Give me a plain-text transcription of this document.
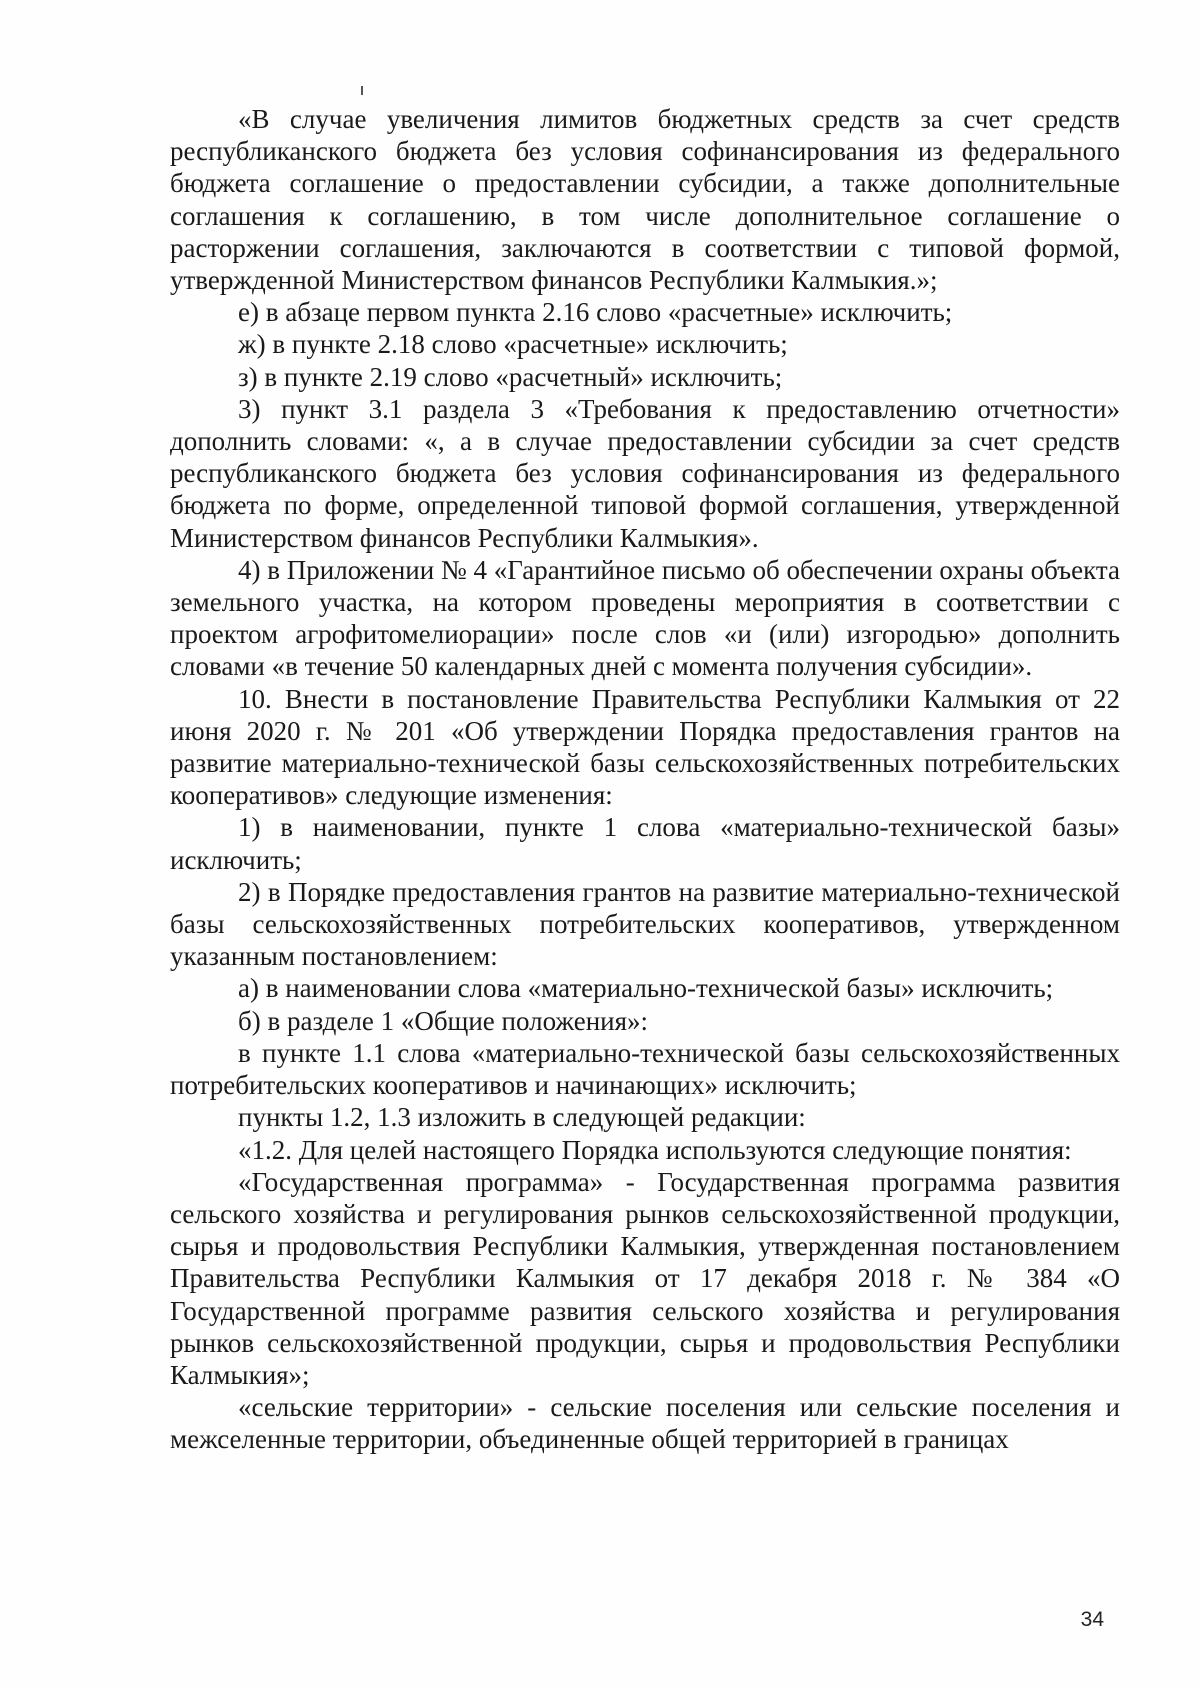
«В случае увеличения лимитов бюджетных средств за счет средств республиканского бюджета без условия софинансирования из федерального бюджета соглашение о предоставлении субсидии, а также дополнительные соглашения к соглашению, в том числе дополнительное соглашение о расторжении соглашения, заключаются в соответствии с типовой формой, утвержденной Министерством финансов Республики Калмыкия.»;

е) в абзаце первом пункта 2.16 слово «расчетные» исключить;

ж) в пункте 2.18 слово «расчетные» исключить;

з) в пункте 2.19 слово «расчетный» исключить;

3) пункт 3.1 раздела 3 «Требования к предоставлению отчетности» дополнить словами: «, а в случае предоставлении субсидии за счет средств республиканского бюджета без условия софинансирования из федерального бюджета по форме, определенной типовой формой соглашения, утвержденной Министерством финансов Республики Калмыкия».

4) в Приложении № 4 «Гарантийное письмо об обеспечении охраны объекта земельного участка, на котором проведены мероприятия в соответствии с проектом агрофитомелиорации» после слов «и (или) изгородью» дополнить словами «в течение 50 календарных дней с момента получения субсидии».

10. Внести в постановление Правительства Республики Калмыкия от 22 июня 2020 г. № 201 «Об утверждении Порядка предоставления грантов на развитие материально-технической базы сельскохозяйственных потребительских кооперативов» следующие изменения:

1) в наименовании, пункте 1 слова «материально-технической базы» исключить;

2) в Порядке предоставления грантов на развитие материально-технической базы сельскохозяйственных потребительских кооперативов, утвержденном указанным постановлением:

а) в наименовании слова «материально-технической базы» исключить;

б) в разделе 1 «Общие положения»:

в пункте 1.1 слова «материально-технической базы сельскохозяйственных потребительских кооперативов и начинающих» исключить;

пункты 1.2, 1.3 изложить в следующей редакции:

«1.2. Для целей настоящего Порядка используются следующие понятия:

«Государственная программа» - Государственная программа развития сельского хозяйства и регулирования рынков сельскохозяйственной продукции, сырья и продовольствия Республики Калмыкия, утвержденная постановлением Правительства Республики Калмыкия от 17 декабря 2018 г. № 384 «О Государственной программе развития сельского хозяйства и регулирования рынков сельскохозяйственной продукции, сырья и продовольствия Республики Калмыкия»;

«сельские территории» - сельские поселения или сельские поселения и межселенные территории, объединенные общей территорией в границах

34
